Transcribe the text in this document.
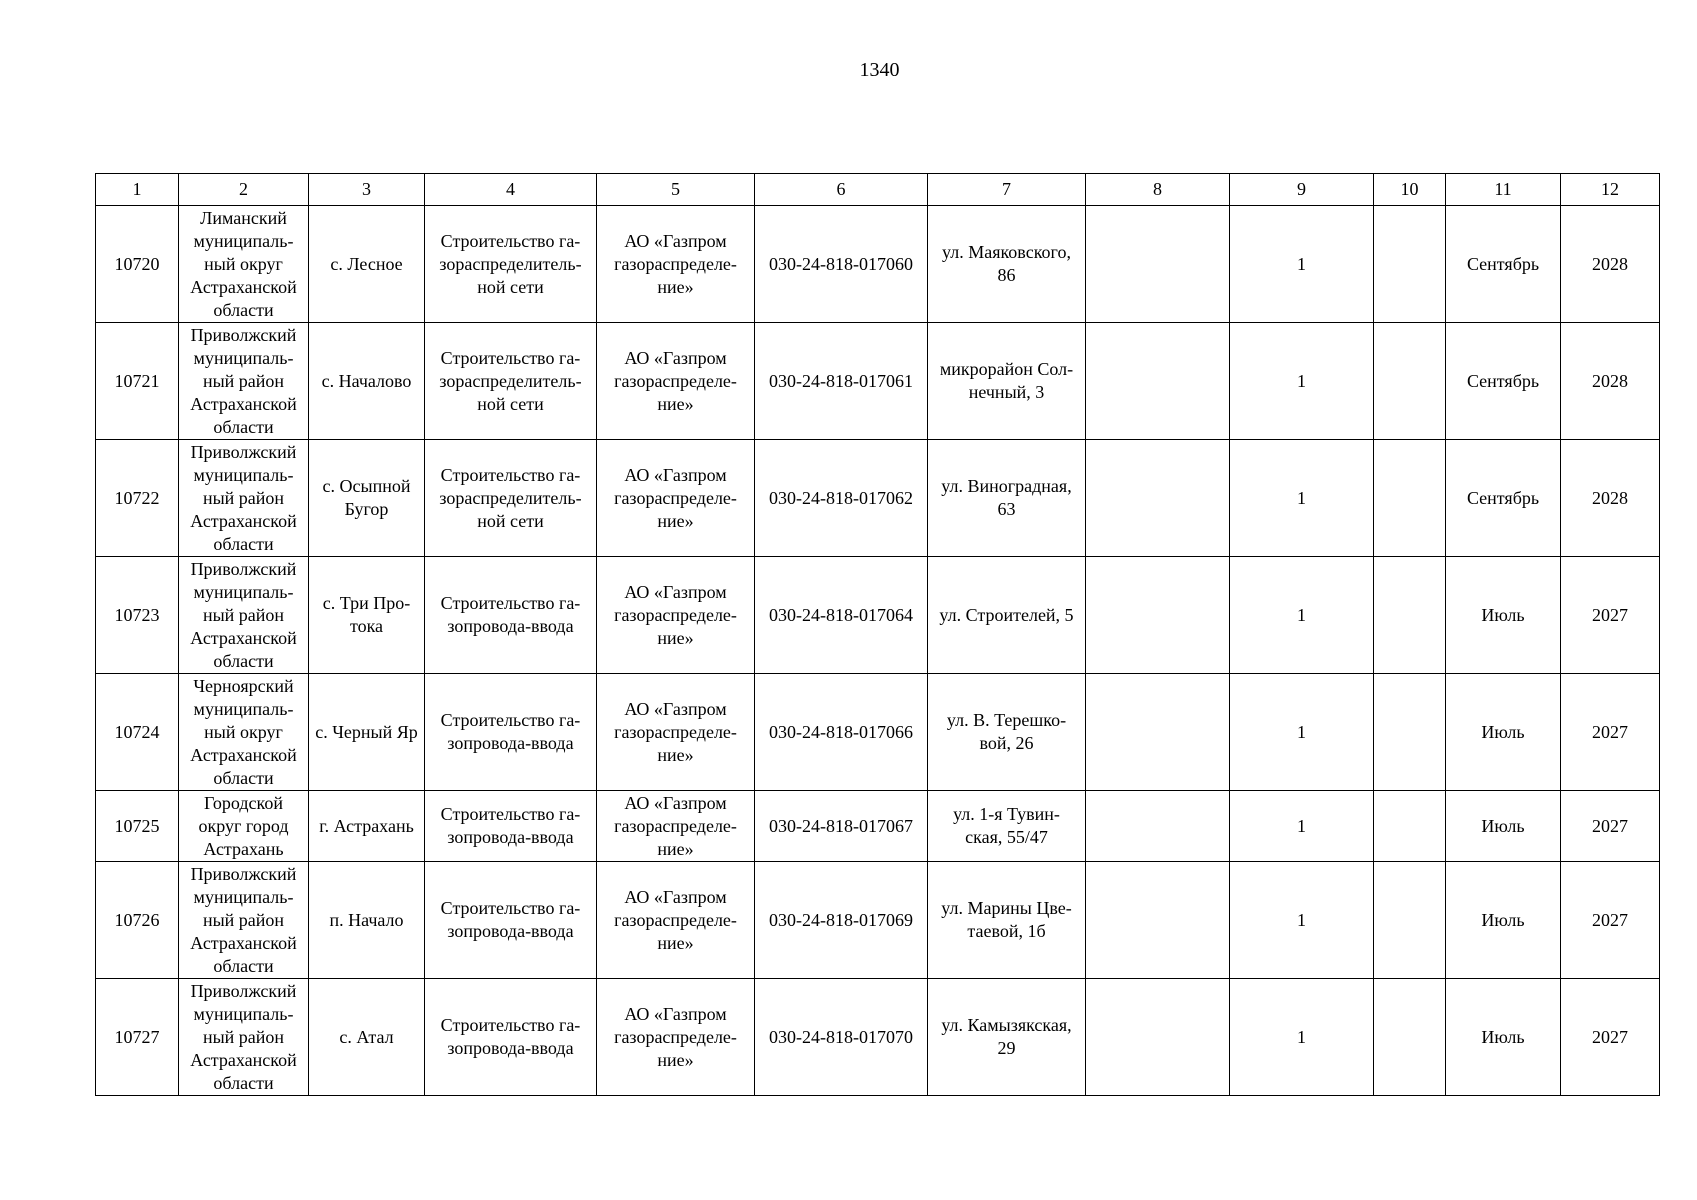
1340
1	2	3	4	5	6	7	8	9	10	11	12
10720	Лиманский
муниципаль-
ный округ
Астраханской
области	с. Лесное	Строительство га-
зораспределитель-
ной сети	АО «Газпром
газораспределе-
ние»	030-24-818-017060	ул. Маяковского,
86		1		Сентябрь	2028
10721	Приволжский
муниципаль-
ный район
Астраханской
области	с. Началово	Строительство га-
зораспределитель-
ной сети	АО «Газпром
газораспределе-
ние»	030-24-818-017061	микрорайон Сол-
нечный, 3		1		Сентябрь	2028
10722	Приволжский
муниципаль-
ный район
Астраханской
области	с. Осыпной
Бугор	Строительство га-
зораспределитель-
ной сети	АО «Газпром
газораспределе-
ние»	030-24-818-017062	ул. Виноградная,
63		1		Сентябрь	2028
10723	Приволжский
муниципаль-
ный район
Астраханской
области	с. Три Про-
тока	Строительство га-
зопровода-ввода	АО «Газпром
газораспределе-
ние»	030-24-818-017064	ул. Строителей, 5		1		Июль	2027
10724	Черноярский
муниципаль-
ный округ
Астраханской
области	с. Черный Яр	Строительство га-
зопровода-ввода	АО «Газпром
газораспределе-
ние»	030-24-818-017066	ул. В. Терешко-
вой, 26		1		Июль	2027
10725	Городской
округ город
Астрахань	г. Астрахань	Строительство га-
зопровода-ввода	АО «Газпром
газораспределе-
ние»	030-24-818-017067	ул. 1-я Тувин-
ская, 55/47		1		Июль	2027
10726	Приволжский
муниципаль-
ный район
Астраханской
области	п. Начало	Строительство га-
зопровода-ввода	АО «Газпром
газораспределе-
ние»	030-24-818-017069	ул. Марины Цве-
таевой, 1б		1		Июль	2027
10727	Приволжский
муниципаль-
ный район
Астраханской
области	с. Атал	Строительство га-
зопровода-ввода	АО «Газпром
газораспределе-
ние»	030-24-818-017070	ул. Камызякская,
29		1		Июль	2027
